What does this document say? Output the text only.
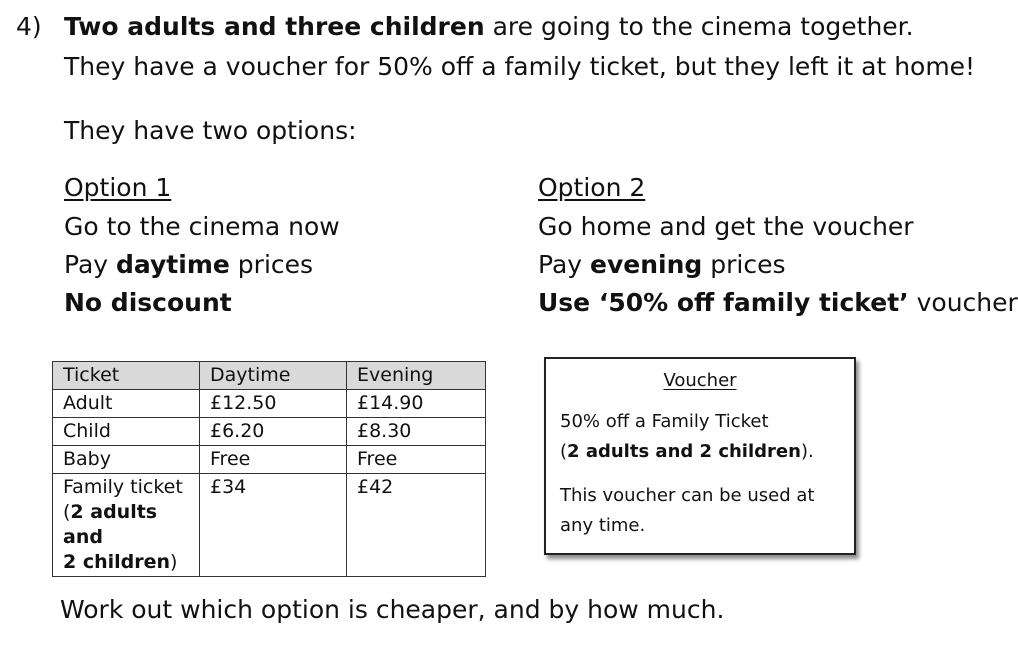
4) Two adults and three children are going to the cinema together.
They have a voucher for 50% off a family ticket, but they left it at home!
They have two options:
Option 1
Go to the cinema now
Pay daytime prices
No discount
Option 2
Go home and get the voucher
Pay evening prices
Use ‘50% off family ticket’ voucher
Ticket	Daytime	Evening
Adult	£12.50	£14.90
Child	£6.20	£8.30
Baby	Free	Free
Family ticket
(2 adults and
2 children)	£34	£42
Voucher

50% off a Family Ticket

(2 adults and 2 children).

This voucher can be used at

any time.

Work out which option is cheaper, and by how much.
